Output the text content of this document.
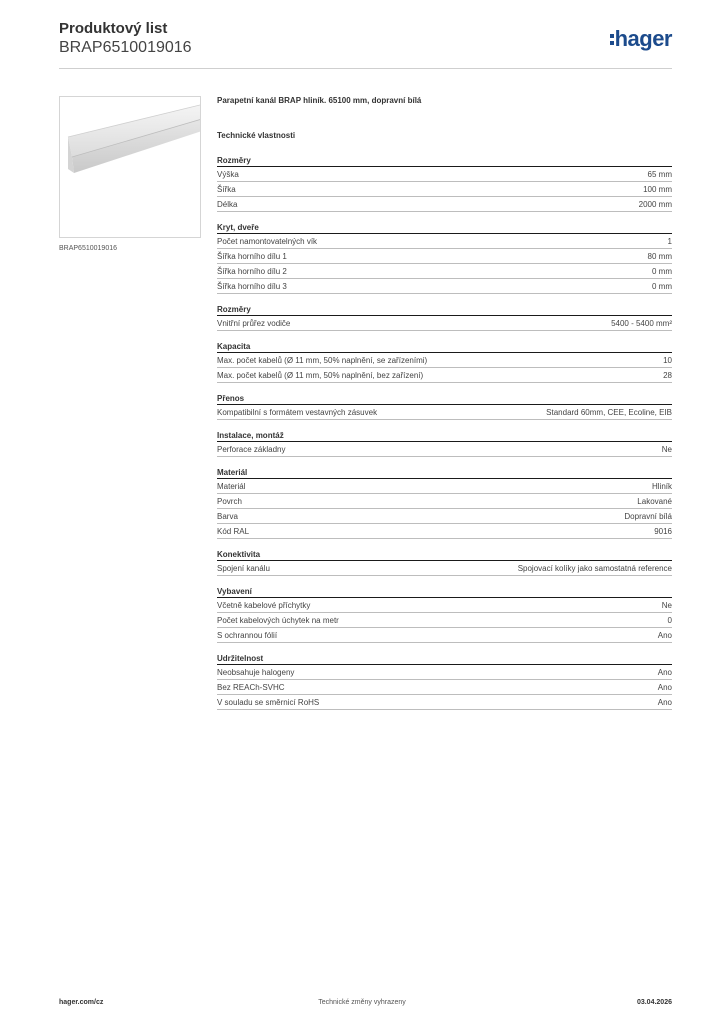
Produktový list
BRAP6510019016	hager
BRAP6510019016
Parapetní kanál BRAP hliník. 65100 mm, dopravní bílá
Technické vlastnosti
Rozměry
Výška	65 mm
Šířka	100 mm
Délka	2000 mm
Kryt, dveře
Počet namontovatelných vík	1
Šířka horního dílu 1	80 mm
Šířka horního dílu 2	0 mm
Šířka horního dílu 3	0 mm
Rozměry
Vnitřní průřez vodiče	5400 - 5400 mm²
Kapacita
Max. počet kabelů (Ø 11 mm, 50% naplnění, se zařízeními)	10
Max. počet kabelů (Ø 11 mm, 50% naplnění, bez zařízení)	28
Přenos
Kompatibilní s formátem vestavných zásuvek	Standard 60mm, CEE, Ecoline, EIB
Instalace, montáž
Perforace základny	Ne
Materiál
Materiál	Hliník
Povrch	Lakované
Barva	Dopravní bílá
Kód RAL	9016
Konektivita
Spojení kanálu	Spojovací kolíky jako samostatná reference
Vybavení
Včetně kabelové příchytky	Ne
Počet kabelových úchytek na metr	0
S ochrannou fólií	Ano
Udržitelnost
Neobsahuje halogeny	Ano
Bez REACh-SVHC	Ano
V souladu se směrnicí RoHS	Ano
hager.com/cz	Technické změny vyhrazeny	03.04.2026
